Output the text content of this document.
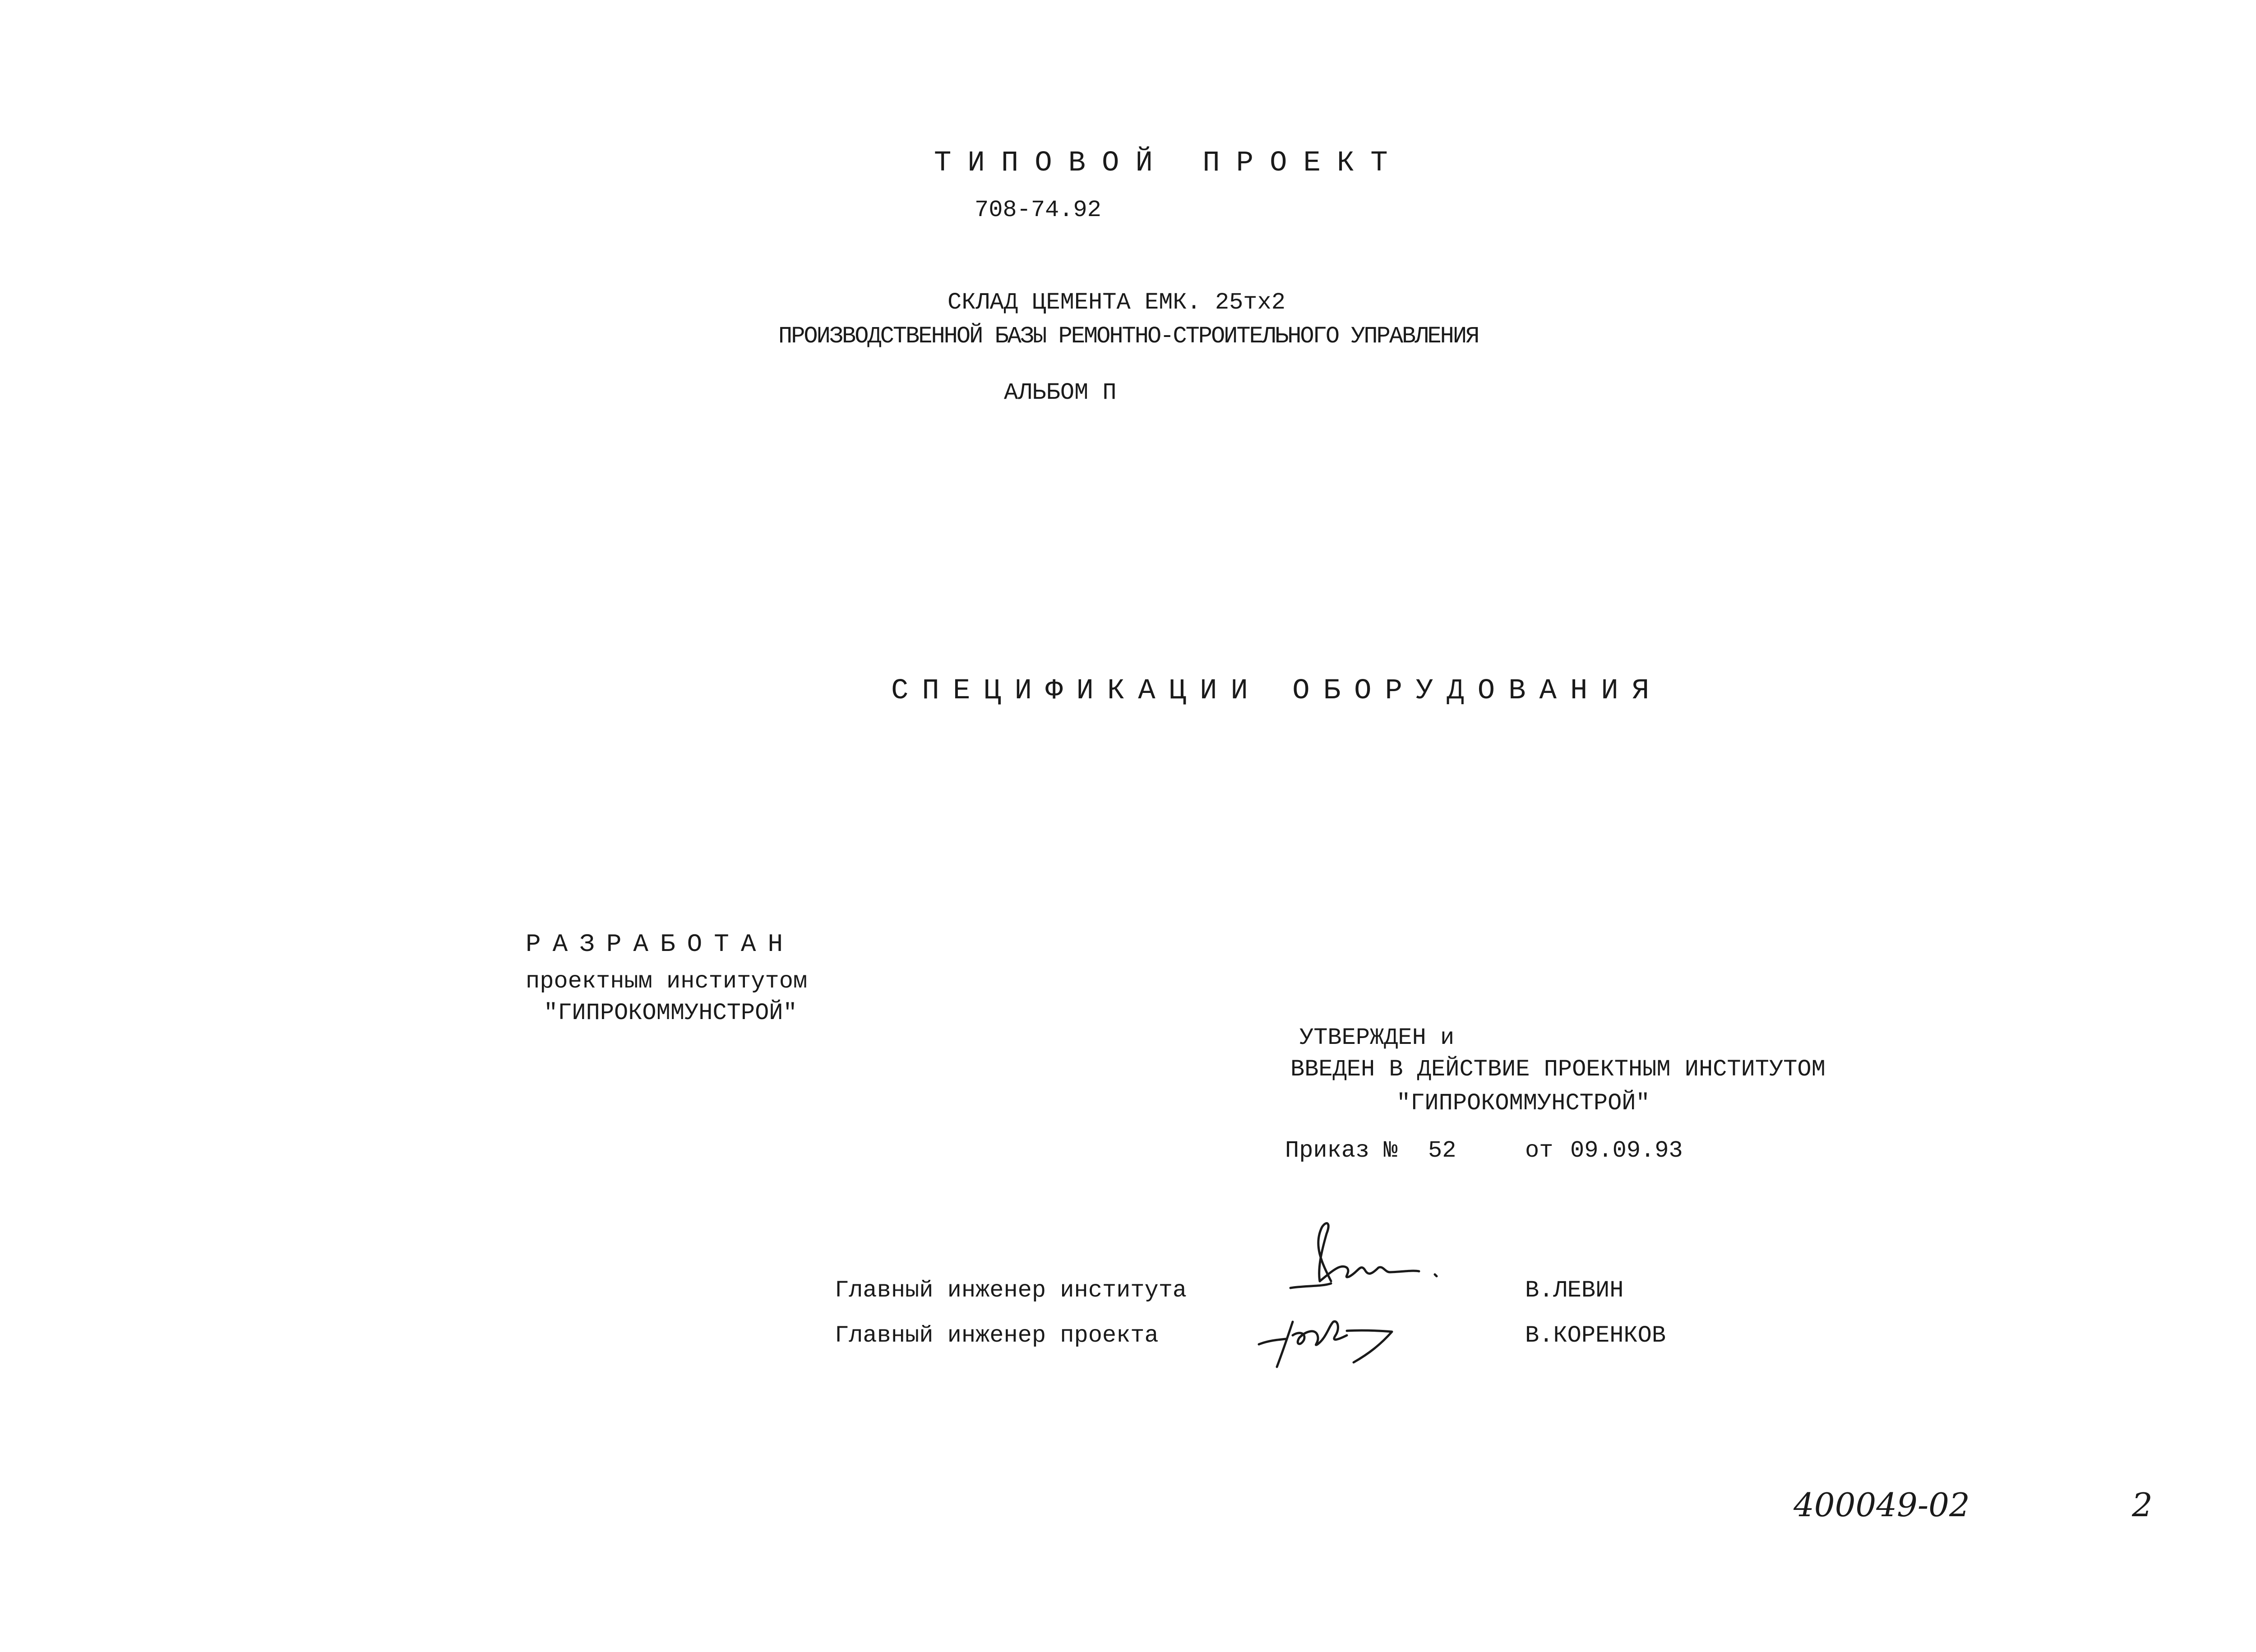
ТИПОВОЙ ПРОЕКТ
708-74.92
СКЛАД ЦЕМЕНТА ЕМК. 25тх2
ПРОИЗВОДСТВЕННОЙ БАЗЫ РЕМОНТНО-СТРОИТЕЛЬНОГО УПРАВЛЕНИЯ
АЛЬБОМ П
СПЕЦИФИКАЦИИ ОБОРУДОВАНИЯ
РАЗРАБОТАН
проектным институтом
"ГИПРОКОММУНСТРОЙ"
УТВЕРЖДЕН и
ВВЕДЕН В ДЕЙСТВИЕ ПРОЕКТНЫМ ИНСТИТУТОМ
"ГИПРОКОММУНСТРОЙ"
Приказ № 52	от 09.09.93
Главный инженер института	В.ЛЕВИН
Главный инженер проекта	В.КОРЕНКОВ
400049-02	2
